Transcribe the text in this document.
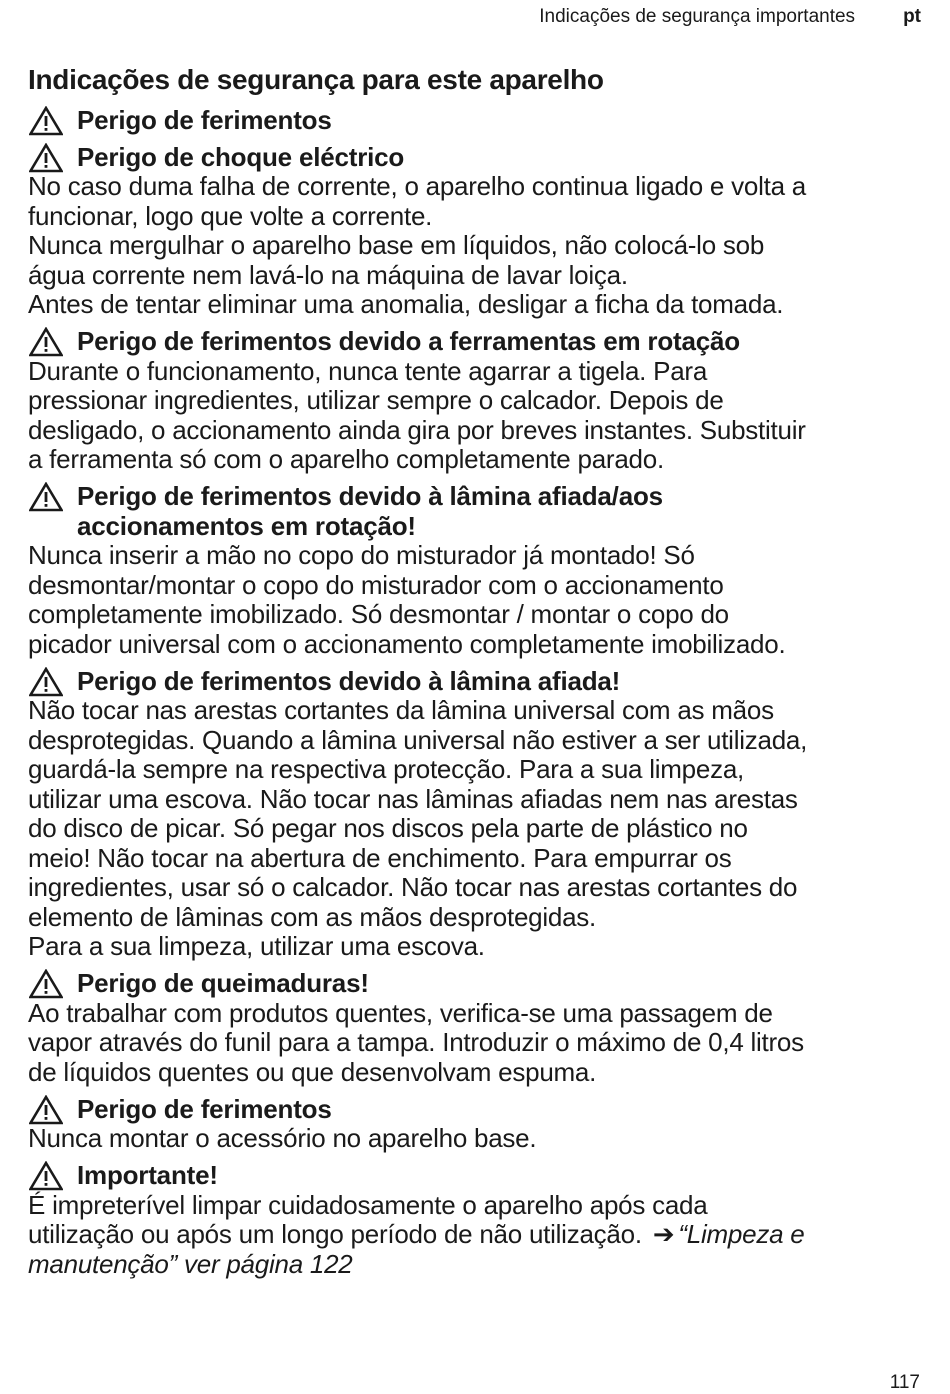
Indicações de segurança importantes	pt
Indicações de segurança para este aparelho
Perigo de ferimentos
Perigo de choque eléctrico
No caso duma falha de corrente, o aparelho continua ligado e volta a
funcionar, logo que volte a corrente.
Nunca mergulhar o aparelho base em líquidos, não colocá-lo sob
água corrente nem lavá-lo na máquina de lavar loiça.
Antes de tentar eliminar uma anomalia, desligar a ficha da tomada.
Perigo de ferimentos devido a ferramentas em rotação
Durante o funcionamento, nunca tente agarrar a tigela. Para
pressionar ingredientes, utilizar sempre o calcador. Depois de
desligado, o accionamento ainda gira por breves instantes. Substituir
a ferramenta só com o aparelho completamente parado.
Perigo de ferimentos devido à lâmina afiada/aos
accionamentos em rotação!
Nunca inserir a mão no copo do misturador já montado! Só
desmontar/montar o copo do misturador com o accionamento
completamente imobilizado. Só desmontar / montar o copo do
picador universal com o accionamento completamente imobilizado.
Perigo de ferimentos devido à lâmina afiada!
Não tocar nas arestas cortantes da lâmina universal com as mãos
desprotegidas. Quando a lâmina universal não estiver a ser utilizada,
guardá-la sempre na respectiva protecção. Para a sua limpeza,
utilizar uma escova. Não tocar nas lâminas afiadas nem nas arestas
do disco de picar. Só pegar nos discos pela parte de plástico no
meio! Não tocar na abertura de enchimento. Para empurrar os
ingredientes, usar só o calcador. Não tocar nas arestas cortantes do
elemento de lâminas com as mãos desprotegidas.
Para a sua limpeza, utilizar uma escova.
Perigo de queimaduras!
Ao trabalhar com produtos quentes, verifica-se uma passagem de
vapor através do funil para a tampa. Introduzir o máximo de 0,4 litros
de líquidos quentes ou que desenvolvam espuma.
Perigo de ferimentos
Nunca montar o acessório no aparelho base.
Importante!
É impreterível limpar cuidadosamente o aparelho após cada
utilização ou após um longo período de não utilização. ➔ “Limpeza e
manutenção” ver página 122
117
